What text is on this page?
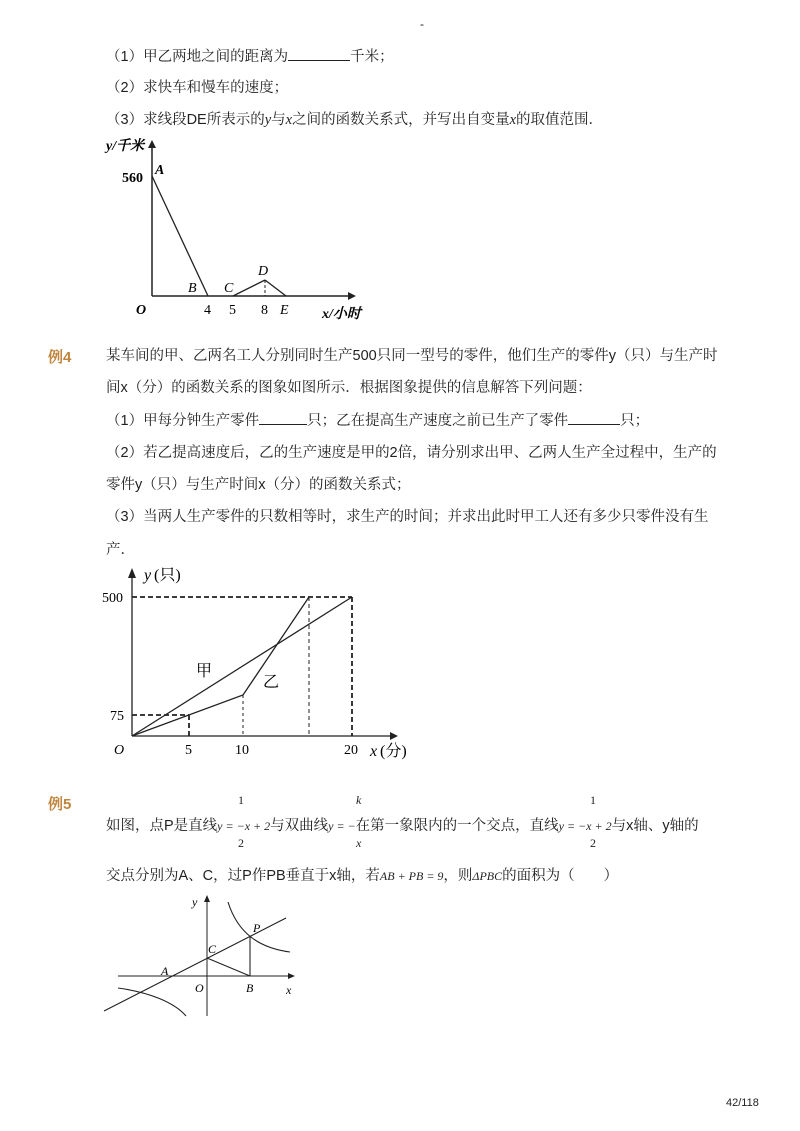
-
（1）甲乙两地之间的距离为	千米；
（2）求快车和慢车的速度；
（3）求线段DE所表示的y与x之间的函数关系式，并写出自变量x的取值范围．
y/千米
560
A
B C
D
E
O	4 5 8	x/小时
例4 某车间的甲、乙两名工人分别同时生产500只同一型号的零件，他们生产的零件y（只）与生产时
间x（分）的函数关系的图象如图所示．根据图象提供的信息解答下列问题：
（1）甲每分钟生产零件	只；乙在提高生产速度之前已生产了零件	只；
（2）若乙提高速度后，乙的生产速度是甲的2倍，请分别求出甲、乙两人生产全过程中，生产的
零件y（只）与生产时间x（分）的函数关系式；
（3）当两人生产零件的只数相等时，求生产的时间；并求出此时甲工人还有多少只零件没有生
产．
y (只)
500
75
O	5	10	20 x (分)
甲
乙
例5	1	k	1
如图，点P是直线y = −x + 2与双曲线y = −在第一象限内的一个交点，直线y = −x + 2与x轴、y轴的
2	x	2
交点分别为A、C，过P作PB垂直于x轴，若AB + PB = 9，则ΔPBC的面积为（　　）
y
x
O
A
B
C
P
42/118
